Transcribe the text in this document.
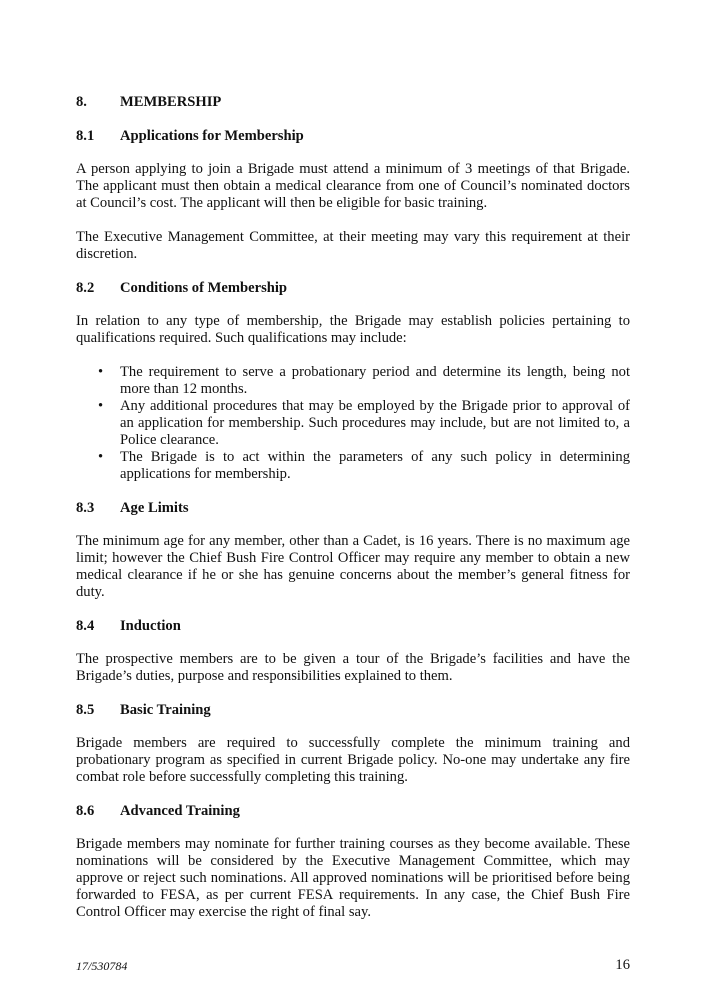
8.	MEMBERSHIP
8.1	Applications for Membership

A person applying to join a Brigade must attend a minimum of 3 meetings of that Brigade. The applicant must then obtain a medical clearance from one of Council’s nominated doctors at Council’s cost. The applicant will then be eligible for basic training.

The Executive Management Committee, at their meeting may vary this requirement at their discretion.

8.2	Conditions of Membership

In relation to any type of membership, the Brigade may establish policies pertaining to qualifications required. Such qualifications may include:

• The requirement to serve a probationary period and determine its length, being not more than 12 months.
• Any additional procedures that may be employed by the Brigade prior to approval of an application for membership. Such procedures may include, but are not limited to, a Police clearance.
• The Brigade is to act within the parameters of any such policy in determining applications for membership.
8.3	Age Limits

The minimum age for any member, other than a Cadet, is 16 years. There is no maximum age limit; however the Chief Bush Fire Control Officer may require any member to obtain a new medical clearance if he or she has genuine concerns about the member’s general fitness for duty.

8.4	Induction

The prospective members are to be given a tour of the Brigade’s facilities and have the Brigade’s duties, purpose and responsibilities explained to them.

8.5	Basic Training

Brigade members are required to successfully complete the minimum training and probationary program as specified in current Brigade policy. No-one may undertake any fire combat role before successfully completing this training.

8.6	Advanced Training

Brigade members may nominate for further training courses as they become available. These nominations will be considered by the Executive Management Committee, which may approve or reject such nominations. All approved nominations will be prioritised before being forwarded to FESA, as per current FESA requirements. In any case, the Chief Bush Fire Control Officer may exercise the right of final say.

17/530784	16
